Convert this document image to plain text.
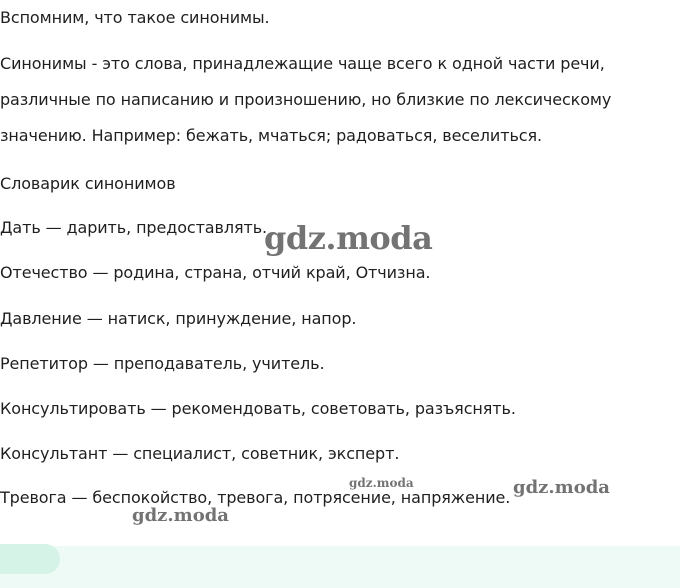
Вспомним, что такое синонимы.
Синонимы - это слова, принадлежащие чаще всего к одной части речи,
различные по написанию и произношению, но близкие по лексическому
значению. Например: бежать, мчаться; радоваться, веселиться.
Словарик синонимов
Дать — дарить, предоставлять.
Отечество — родина, страна, отчий край, Отчизна.
Давление — натиск, принуждение, напор.
Репетитор — преподаватель, учитель.
Консультировать — рекомендовать, советовать, разъяснять.
Консультант — специалист, советник, эксперт.
Тревога — беспокойство, тревога, потрясение, напряжение.
gdz.moda
gdz.moda	gdz.moda
gdz.moda
